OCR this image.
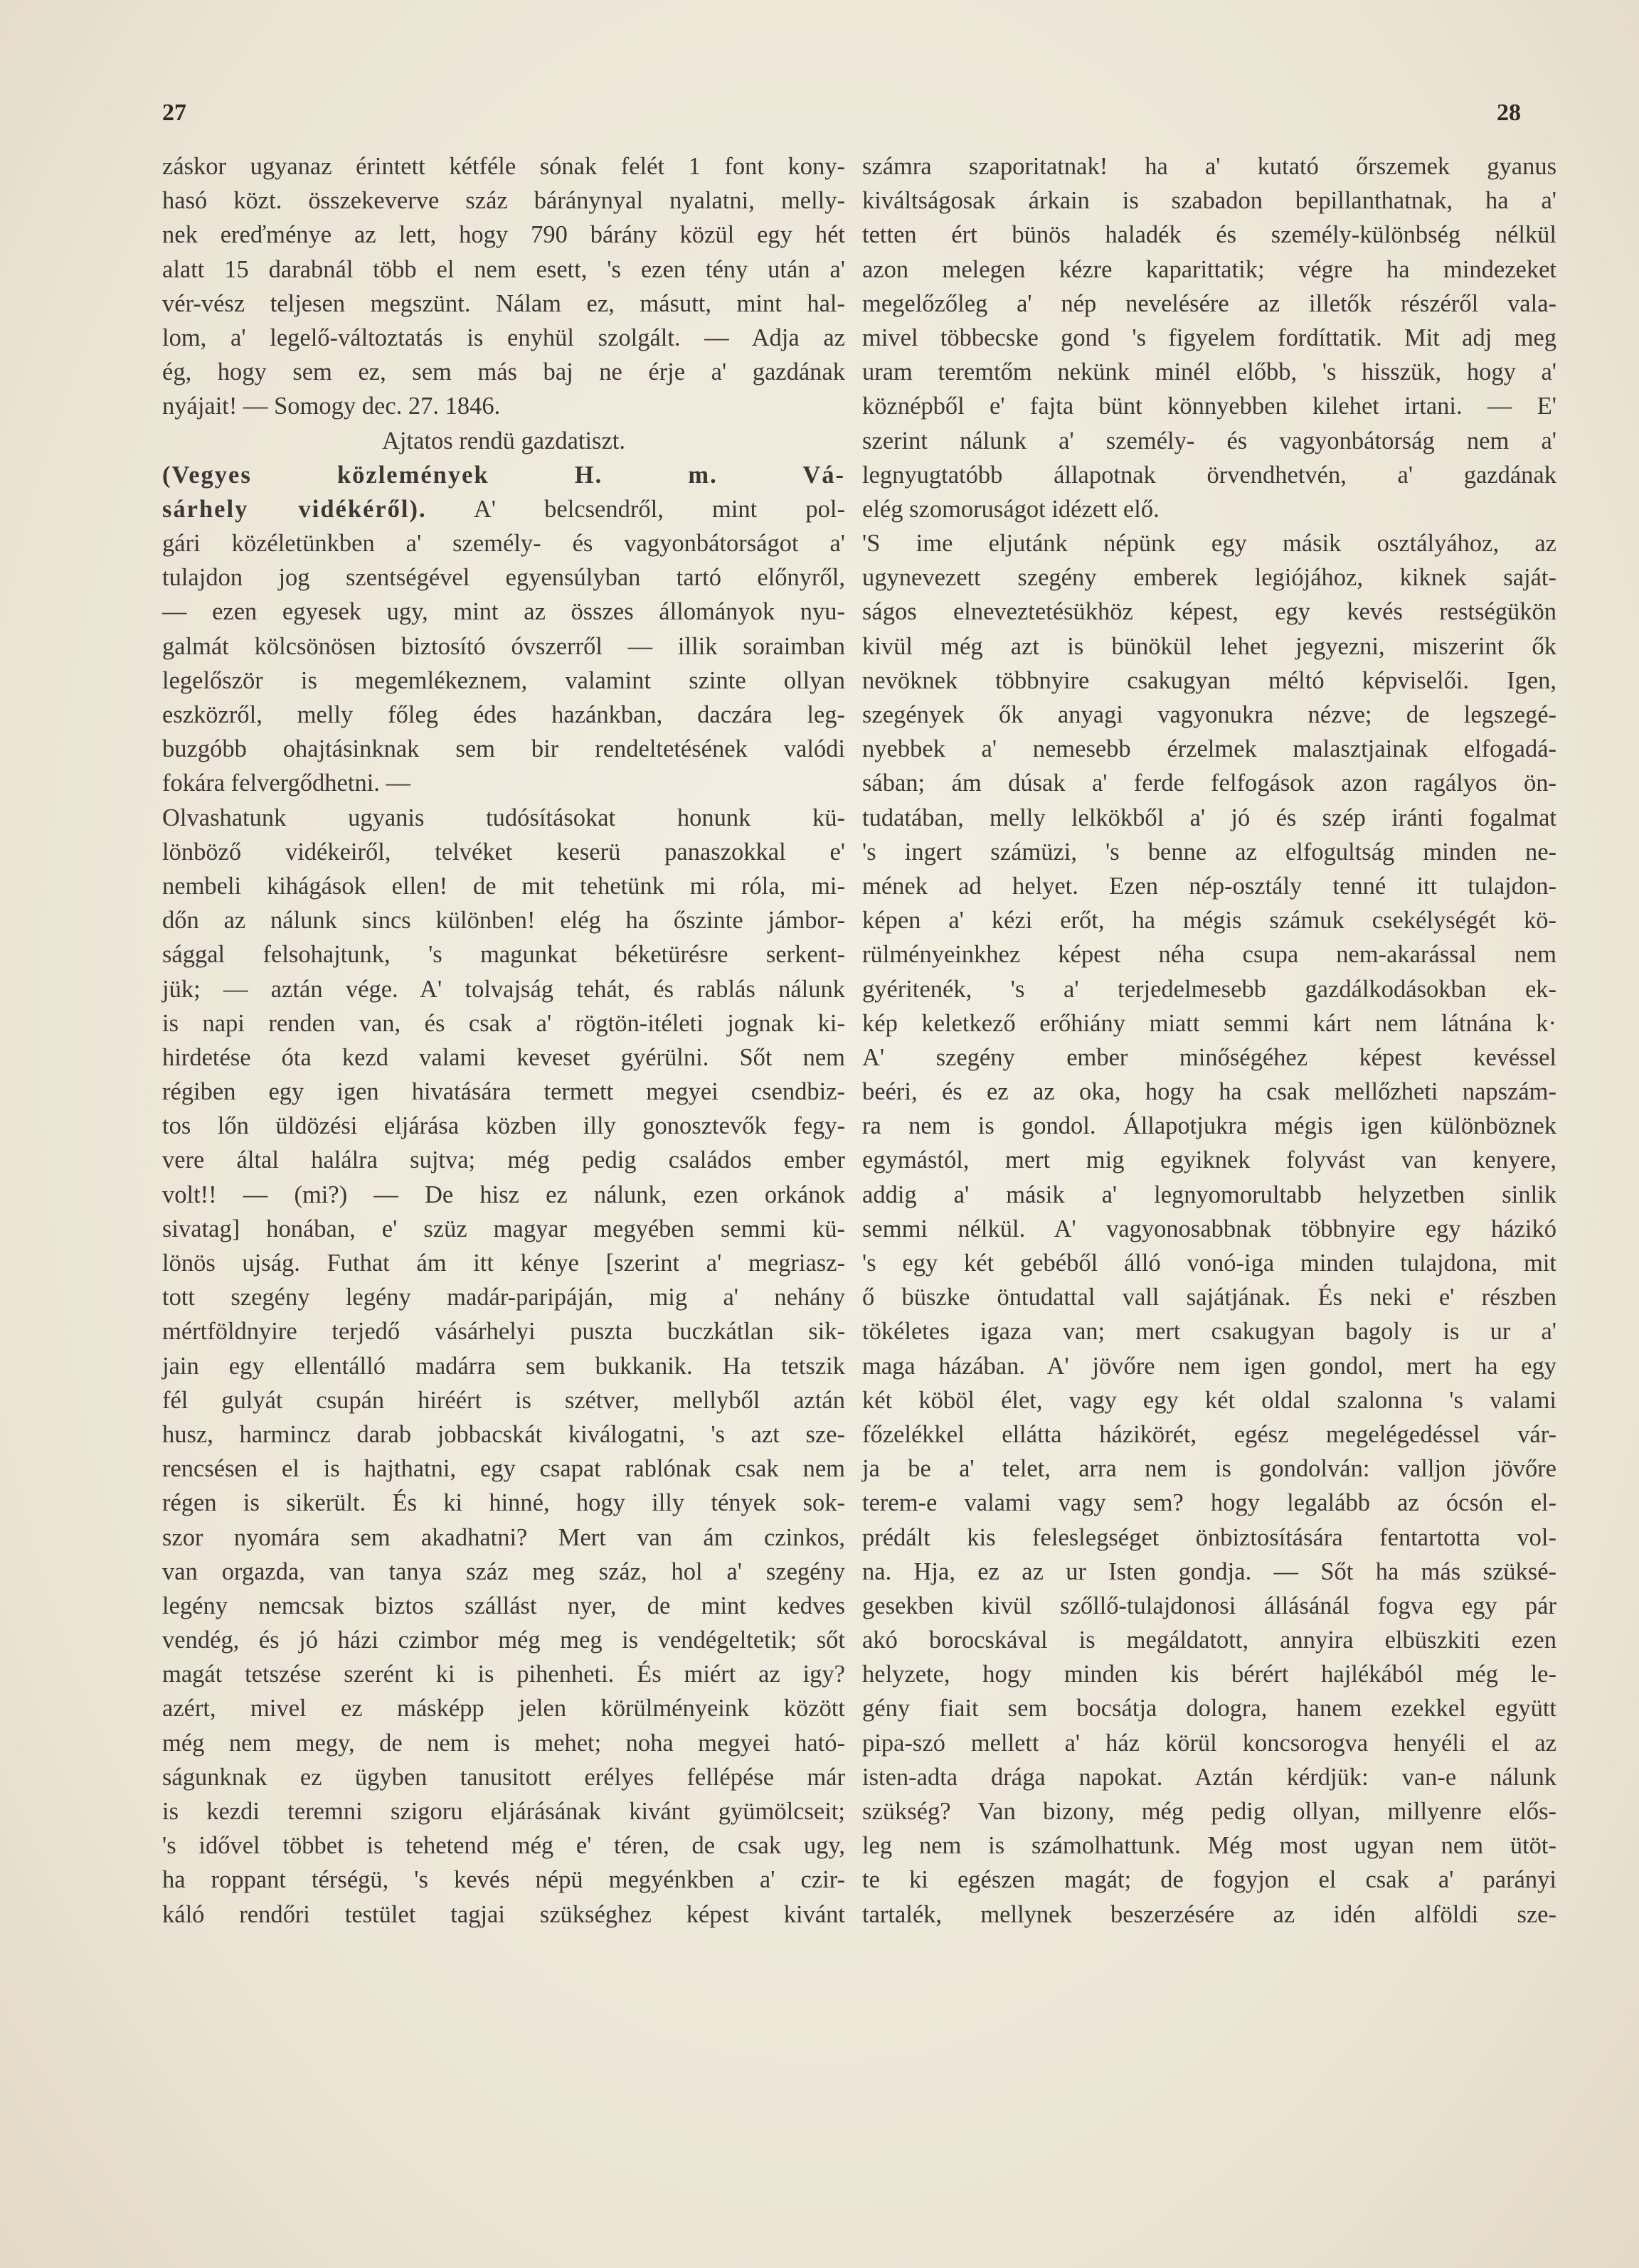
27	28
záskor ugyanaz érintett kétféle sónak felét 1 font kony-
hasó közt. összekeverve száz báránynyal nyalatni, melly-
nek ereďménye az lett, hogy 790 bárány közül egy hét
alatt 15 darabnál több el nem esett, 's ezen tény után a'
vér-vész teljesen megszünt. Nálam ez, másutt, mint hal-
lom, a' legelő-változtatás is enyhül szolgált. — Adja az
ég, hogy sem ez, sem más baj ne érje a' gazdának
nyájait! — Somogy dec. 27. 1846.
Ajtatos rendü gazdatiszt.
(Vegyes közlemények H. m. Vá-
sárhely vidékéről). A' belcsendről, mint pol-
gári közéletünkben a' személy- és vagyonbátorságot a'
tulajdon jog szentségével egyensúlyban tartó előnyről,
— ezen egyesek ugy, mint az összes állományok nyu-
galmát kölcsönösen biztosító óvszerről — illik soraimban
legelőször is megemlékeznem, valamint szinte ollyan
eszközről, melly főleg édes hazánkban, daczára leg-
buzgóbb ohajtásinknak sem bir rendeltetésének valódi
fokára felvergődhetni. —
Olvashatunk ugyanis tudósításokat honunk kü-
lönböző vidékeiről, telvéket keserü panaszokkal e'
nembeli kihágások ellen! de mit tehetünk mi róla, mi-
dőn az nálunk sincs különben! elég ha őszinte jámbor-
sággal felsohajtunk, 's magunkat béketürésre serkent-
jük; — aztán vége. A' tolvajság tehát, és rablás nálunk
is napi renden van, és csak a' rögtön-itéleti jognak ki-
hirdetése óta kezd valami keveset gyérülni. Sőt nem
régiben egy igen hivatására termett megyei csendbiz-
tos lőn üldözési eljárása közben illy gonosztevők fegy-
vere által halálra sujtva; még pedig családos ember
volt!! — (mi?) — De hisz ez nálunk, ezen orkánok
sivatag] honában, e' szüz magyar megyében semmi kü-
lönös ujság. Futhat ám itt kénye [szerint a' megriasz-
tott szegény legény madár-paripáján, mig a' nehány
mértföldnyire terjedő vásárhelyi puszta buczkátlan sik-
jain egy ellentálló madárra sem bukkanik. Ha tetszik
fél gulyát csupán hiréért is szétver, mellyből aztán
husz, harmincz darab jobbacskát kiválogatni, 's azt sze-
rencsésen el is hajthatni, egy csapat rablónak csak nem
régen is sikerült. És ki hinné, hogy illy tények sok-
szor nyomára sem akadhatni? Mert van ám czinkos,
van orgazda, van tanya száz meg száz, hol a' szegény
legény nemcsak biztos szállást nyer, de mint kedves
vendég, és jó házi czimbor még meg is vendégeltetik; sőt
magát tetszése szerént ki is pihenheti. És miért az igy?
azért, mivel ez másképp jelen körülményeink között
még nem megy, de nem is mehet; noha megyei ható-
ságunknak ez ügyben tanusitott erélyes fellépése már
is kezdi teremni szigoru eljárásának kivánt gyümölcseit;
's idővel többet is tehetend még e' téren, de csak ugy,
ha roppant térségü, 's kevés népü megyénkben a' czir-
káló rendőri testület tagjai szükséghez képest kivánt
számra szaporitatnak! ha a' kutató őrszemek gyanus
kiváltságosak árkain is szabadon bepillanthatnak, ha a'
tetten ért bünös haladék és személy-különbség nélkül
azon melegen kézre kaparittatik; végre ha mindezeket
megelőzőleg a' nép nevelésére az illetők részéről vala-
mivel többecske gond 's figyelem fordíttatik. Mit adj meg
uram teremtőm nekünk minél előbb, 's hisszük, hogy a'
köznépből e' fajta bünt könnyebben kilehet irtani. — E'
szerint nálunk a' személy- és vagyonbátorság nem a'
legnyugtatóbb állapotnak örvendhetvén, a' gazdának
elég szomoruságot idézett elő.
'S ime eljutánk népünk egy másik osztályához, az
ugynevezett szegény emberek legiójához, kiknek saját-
ságos elneveztetésükhöz képest, egy kevés restségükön
kivül még azt is bünökül lehet jegyezni, miszerint ők
nevöknek többnyire csakugyan méltó képviselői. Igen,
szegények ők anyagi vagyonukra nézve; de legszegé-
nyebbek a' nemesebb érzelmek malasztjainak elfogadá-
sában; ám dúsak a' ferde felfogások azon ragályos ön-
tudatában, melly lelkökből a' jó és szép iránti fogalmat
's ingert számüzi, 's benne az elfogultság minden ne-
mének ad helyet. Ezen nép-osztály tenné itt tulajdon-
képen a' kézi erőt, ha mégis számuk csekélységét kö-
rülményeinkhez képest néha csupa nem-akarással nem
gyéritenék, 's a' terjedelmesebb gazdálkodásokban ek-
kép keletkező erőhiány miatt semmi kárt nem látnána k·
A' szegény ember minőségéhez képest kevéssel
beéri, és ez az oka, hogy ha csak mellőzheti napszám-
ra nem is gondol. Állapotjukra mégis igen különböznek
egymástól, mert mig egyiknek folyvást van kenyere,
addig a' másik a' legnyomorultabb helyzetben sinlik
semmi nélkül. A' vagyonosabbnak többnyire egy házikó
's egy két gebéből álló vonó-iga minden tulajdona, mit
ő büszke öntudattal vall sajátjának. És neki e' részben
tökéletes igaza van; mert csakugyan bagoly is ur a'
maga házában. A' jövőre nem igen gondol, mert ha egy
két köböl élet, vagy egy két oldal szalonna 's valami
főzelékkel ellátta házikörét, egész megelégedéssel vár-
ja be a' telet, arra nem is gondolván: valljon jövőre
terem-e valami vagy sem? hogy legalább az ócsón el-
prédált kis feleslegséget önbiztosítására fentartotta vol-
na. Hja, ez az ur Isten gondja. — Sőt ha más szüksé-
gesekben kivül szőllő-tulajdonosi állásánál fogva egy pár
akó borocskával is megáldatott, annyira elbüszkiti ezen
helyzete, hogy minden kis bérért hajlékából még le-
gény fiait sem bocsátja dologra, hanem ezekkel együtt
pipa-szó mellett a' ház körül koncsorogva henyéli el az
isten-adta drága napokat. Aztán kérdjük: van-e nálunk
szükség? Van bizony, még pedig ollyan, millyenre elős-
leg nem is számolhattunk. Még most ugyan nem ütöt-
te ki egészen magát; de fogyjon el csak a' parányi
tartalék, mellynek beszerzésére az idén alföldi sze-
